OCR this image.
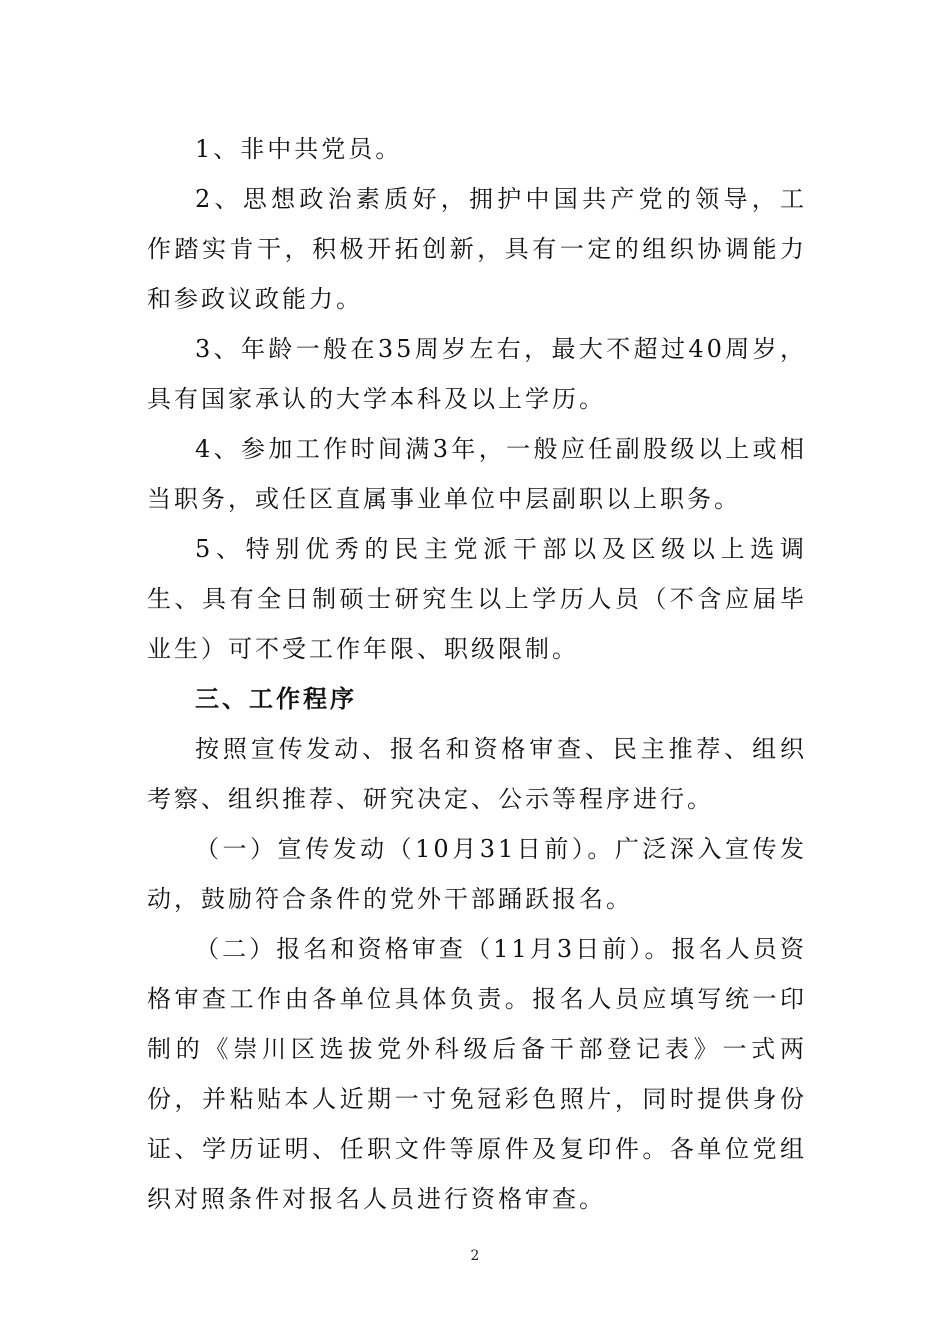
1、非中共党员。

2、思想政治素质好，拥护中国共产党的领导，工作踏实肯干，积极开拓创新，具有一定的组织协调能力和参政议政能力。

3、年龄一般在35周岁左右，最大不超过40周岁，具有国家承认的大学本科及以上学历。

4、参加工作时间满3年，一般应任副股级以上或相当职务，或任区直属事业单位中层副职以上职务。

5、特别优秀的民主党派干部以及区级以上选调生、具有全日制硕士研究生以上学历人员（不含应届毕业生）可不受工作年限、职级限制。

三、工作程序

按照宣传发动、报名和资格审查、民主推荐、组织考察、组织推荐、研究决定、公示等程序进行。

（一）宣传发动（10月31日前）。广泛深入宣传发动，鼓励符合条件的党外干部踊跃报名。

（二）报名和资格审查（11月3日前）。报名人员资格审查工作由各单位具体负责。报名人员应填写统一印制的《崇川区选拔党外科级后备干部登记表》一式两份，并粘贴本人近期一寸免冠彩色照片，同时提供身份证、学历证明、任职文件等原件及复印件。各单位党组织对照条件对报名人员进行资格审查。

2
